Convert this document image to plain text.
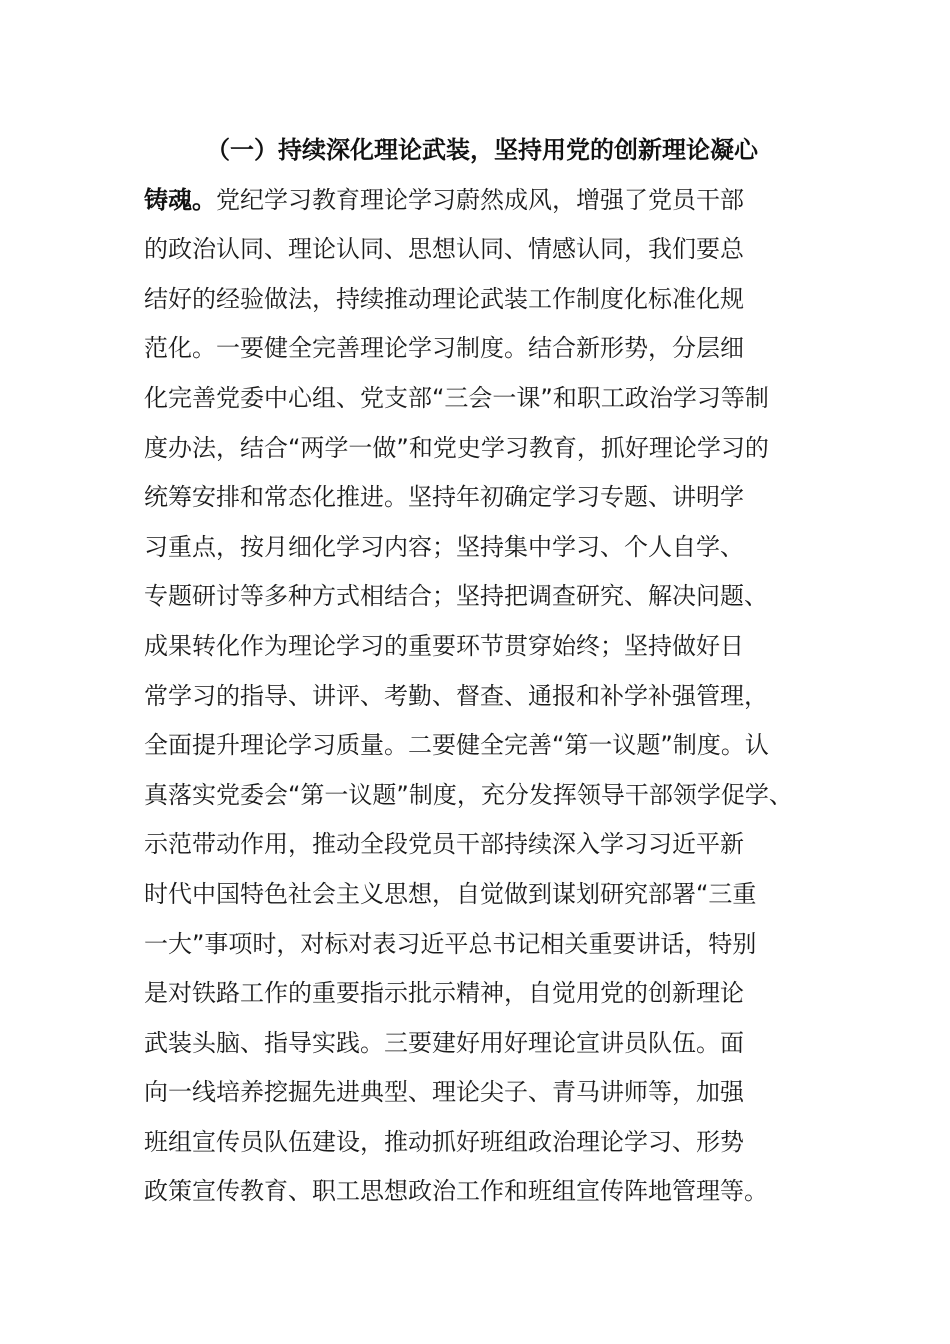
（一）持续深化理论武装，坚持用党的创新理论凝心
铸魂。党纪学习教育理论学习蔚然成风，增强了党员干部
的政治认同、理论认同、思想认同、情感认同，我们要总
结好的经验做法，持续推动理论武装工作制度化标准化规
范化。一要健全完善理论学习制度。结合新形势，分层细
化完善党委中心组、党支部“三会一课”和职工政治学习等制
度办法，结合“两学一做”和党史学习教育，抓好理论学习的
统筹安排和常态化推进。坚持年初确定学习专题、讲明学
习重点，按月细化学习内容；坚持集中学习、个人自学、
专题研讨等多种方式相结合；坚持把调查研究、解决问题、
成果转化作为理论学习的重要环节贯穿始终；坚持做好日
常学习的指导、讲评、考勤、督查、通报和补学补强管理，
全面提升理论学习质量。二要健全完善“第一议题”制度。认
真落实党委会“第一议题”制度，充分发挥领导干部领学促学、
示范带动作用，推动全段党员干部持续深入学习习近平新
时代中国特色社会主义思想，自觉做到谋划研究部署“三重
一大”事项时，对标对表习近平总书记相关重要讲话，特别
是对铁路工作的重要指示批示精神，自觉用党的创新理论
武装头脑、指导实践。三要建好用好理论宣讲员队伍。面
向一线培养挖掘先进典型、理论尖子、青马讲师等，加强
班组宣传员队伍建设，推动抓好班组政治理论学习、形势
政策宣传教育、职工思想政治工作和班组宣传阵地管理等。
